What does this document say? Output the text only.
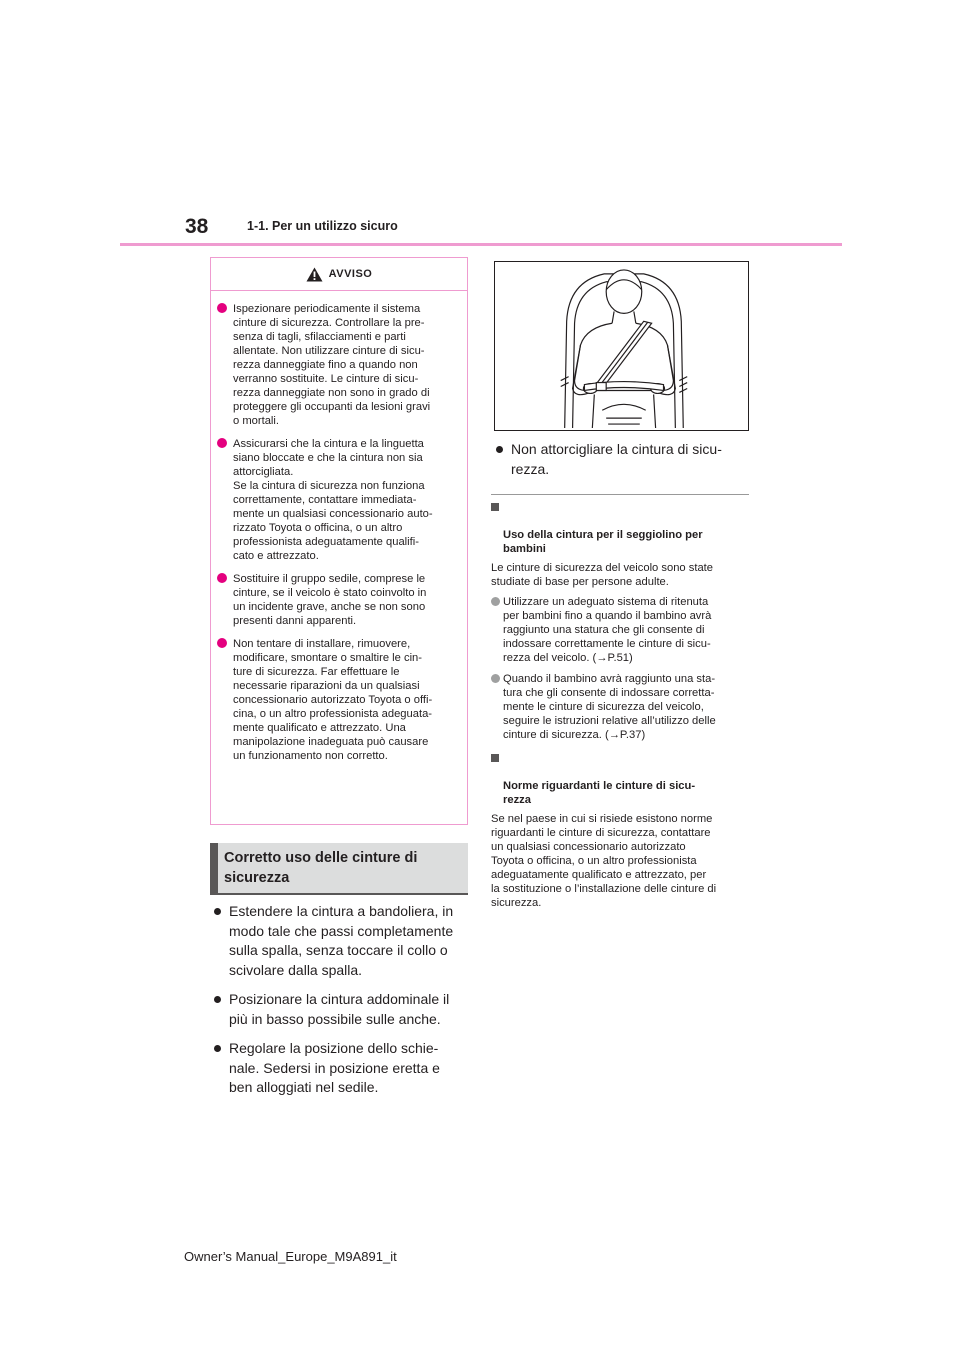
38	1-1. Per un utilizzo sicuro
AVVISO
Ispezionare periodicamente il sistema
cinture di sicurezza. Controllare la pre-
senza di tagli, sfilacciamenti e parti
allentate. Non utilizzare cinture di sicu-
rezza danneggiate fino a quando non
verranno sostituite. Le cinture di sicu-
rezza danneggiate non sono in grado di
proteggere gli occupanti da lesioni gravi
o mortali.
Assicurarsi che la cintura e la linguetta
siano bloccate e che la cintura non sia
attorcigliata.
Se la cintura di sicurezza non funziona
correttamente, contattare immediata-
mente un qualsiasi concessionario auto-
rizzato Toyota o officina, o un altro
professionista adeguatamente qualifi-
cato e attrezzato.
Sostituire il gruppo sedile, comprese le
cinture, se il veicolo è stato coinvolto in
un incidente grave, anche se non sono
presenti danni apparenti.
Non tentare di installare, rimuovere,
modificare, smontare o smaltire le cin-
ture di sicurezza. Far effettuare le
necessarie riparazioni da un qualsiasi
concessionario autorizzato Toyota o offi-
cina, o un altro professionista adeguata-
mente qualificato e attrezzato. Una
manipolazione inadeguata può causare
un funzionamento non corretto.
Corretto uso delle cinture di
sicurezza
Estendere la cintura a bandoliera, in
modo tale che passi completamente
sulla spalla, senza toccare il collo o
scivolare dalla spalla.
Posizionare la cintura addominale il
più in basso possibile sulle anche.
Regolare la posizione dello schie-
nale. Sedersi in posizione eretta e
ben alloggiati nel sedile.
Non attorcigliare la cintura di sicu-
rezza.

Uso della cintura per il seggiolino per
bambini

Le cinture di sicurezza del veicolo sono state
studiate di base per persone adulte.
Utilizzare un adeguato sistema di ritenuta
per bambini fino a quando il bambino avrà
raggiunto una statura che gli consente di
indossare correttamente le cinture di sicu-
rezza del veicolo. (→P.51)
Quando il bambino avrà raggiunto una sta-
tura che gli consente di indossare corretta-
mente le cinture di sicurezza del veicolo,
seguire le istruzioni relative all’utilizzo delle
cinture di sicurezza. (→P.37)

Norme riguardanti le cinture di sicu-
rezza

Se nel paese in cui si risiede esistono norme
riguardanti le cinture di sicurezza, contattare
un qualsiasi concessionario autorizzato
Toyota o officina, o un altro professionista
adeguatamente qualificato e attrezzato, per
la sostituzione o l’installazione delle cinture di
sicurezza.
Owner’s Manual_Europe_M9A891_it
